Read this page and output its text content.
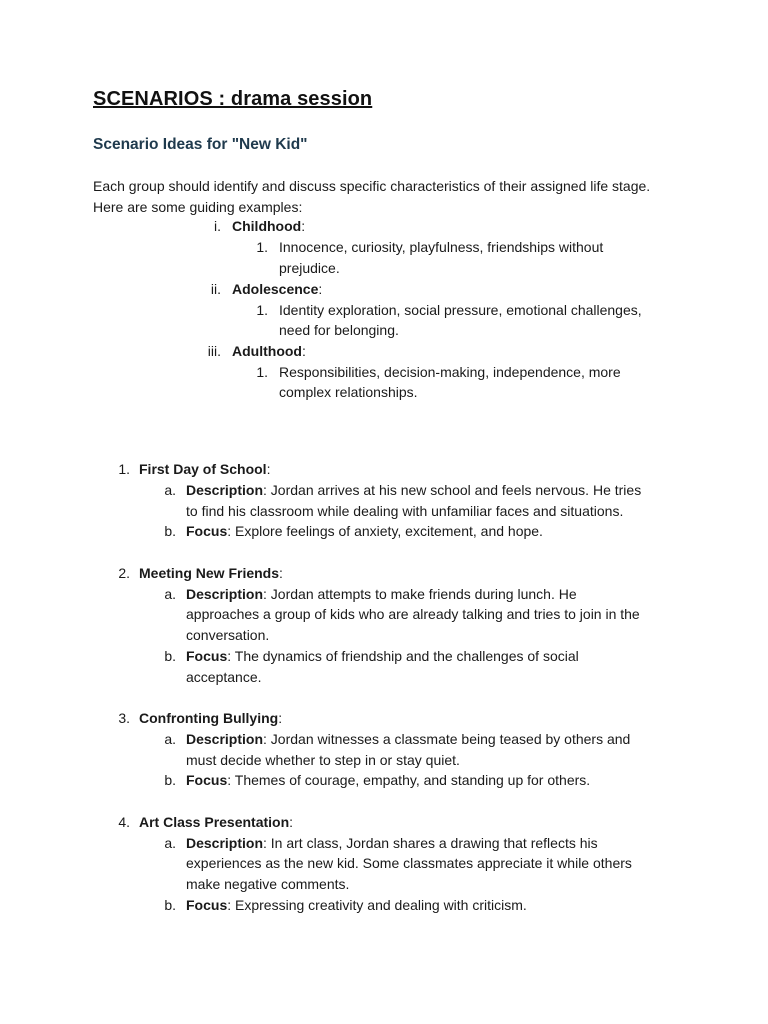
SCENARIOS : drama session
Scenario Ideas for "New Kid"

Each group should identify and discuss specific characteristics of their assigned life stage. Here are some guiding examples:

i. Childhood:
1. Innocence, curiosity, playfulness, friendships without
prejudice.
ii. Adolescence:
1. Identity exploration, social pressure, emotional challenges,
need for belonging.
iii. Adulthood:
1. Responsibilities, decision-making, independence, more
complex relationships.
1. First Day of School:
a. Description: Jordan arrives at his new school and feels nervous. He tries
to find his classroom while dealing with unfamiliar faces and situations.
b. Focus: Explore feelings of anxiety, excitement, and hope.
2. Meeting New Friends:
a. Description: Jordan attempts to make friends during lunch. He
approaches a group of kids who are already talking and tries to join in the
conversation.
b. Focus: The dynamics of friendship and the challenges of social
acceptance.
3. Confronting Bullying:
a. Description: Jordan witnesses a classmate being teased by others and
must decide whether to step in or stay quiet.
b. Focus: Themes of courage, empathy, and standing up for others.
4. Art Class Presentation:
a. Description: In art class, Jordan shares a drawing that reflects his
experiences as the new kid. Some classmates appreciate it while others
make negative comments.
b. Focus: Expressing creativity and dealing with criticism.
